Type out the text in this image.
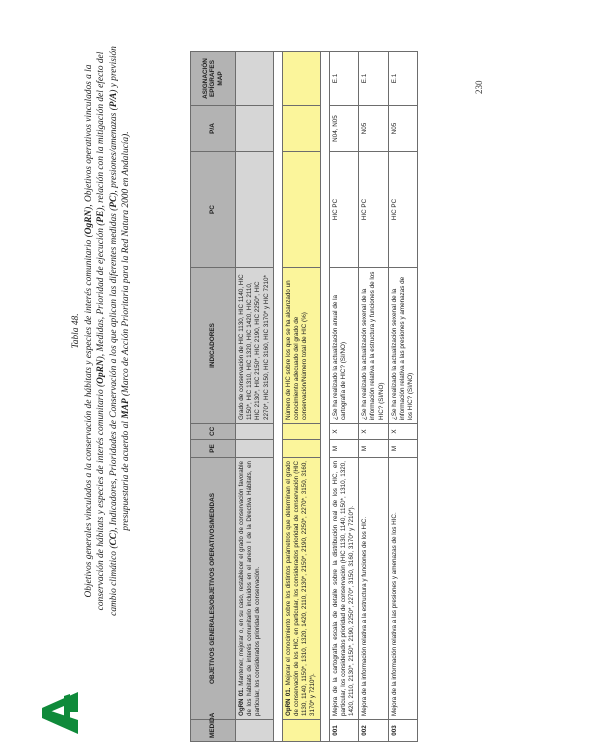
Tabla 48. Objetivos generales vinculados a la conservación de hábitats y especies de interés comunitario (OgRN), Objetivos operativos vinculados a la conservación de hábitats y especies de interés comunitario (OpRN), Medidas, Prioridad de ejecución (PE), relación con la mitigación del efecto del cambio climático (CC), Indicadores, Prioridades de Conservación a los que aplican las diferentes medidas (PC), presiones/amenazas (P/A) y previsión presupuestaria de acuerdo al MAP (Marco de Acción Prioritaria para la Red Natura 2000 en Andalucía).
MEDIDA	OBJETIVOS GENERALES/OBJETIVOS OPERATIVOS/MEDIDAS	PE	CC	INDICADORES	PC	P/A	ASIGNACIÓN EPÍGRAFES MAP
	OgRN 01. Mantener, mejorar o, en su caso, restablecer el grado de conservación favorable de los hábitats de interés comunitario incluidos en el anexo I de la Directiva Hábitats, en particular, los considerados prioridad de conservación.			Grado de conservación de HIC 1130, HIC 1140, HIC 1150*, HIC 1310, HIC 1320, HIC 1420, HIC 2110, HIC 2130*, HIC 2150*, HIC 2190, HIC 2250*, HIC 2270*, HIC 3150, HIC 3160, HIC 3170* y HIC 7210*			

	OpRN 01. Mejorar el conocimiento sobre los distintos parámetros que determinan el grado de conservación de los HIC, en particular, los considerados prioridad de conservación (HIC 1130, 1140, 1150*, 1310, 1320, 1420, 2110, 2130*, 2150*, 2190, 2250*, 2270*, 3150, 3160, 3170* y 7210*).			Número de HIC sobre los que se ha alcanzado un conocimiento adecuado del grado de conservación/Número total de HIC (%)			

001	Mejora de la cartografía escala de detalle sobre la distribución real de los HIC, en particular, los considerados prioridad de conservación (HIC 1130, 1140, 1150*, 1310, 1320, 1420, 2110, 2130*, 2150*, 2190, 2250*, 2270*, 3150, 3160, 3170* y 7210*).	M	X	¿Se ha realizado la actualización anual de la cartografía de HIC? (SI/NO)	HIC PC	N04, N05	E.1
002	Mejora de la información relativa a la estructura y funciones de los HIC.	M	X	¿Se ha realizado la actualización sexenal de la información relativa a la estructura y funciones de los HIC? (SI/NO)	HIC PC	N05	E.1
003	Mejora de la información relativa a las presiones y amenazas de los HIC.	M	X	¿Se ha realizado la actualización sexenal de la información relativa a las presiones y amenazas de los HIC? (SI/NO)	HIC PC	N05	E.1
230
